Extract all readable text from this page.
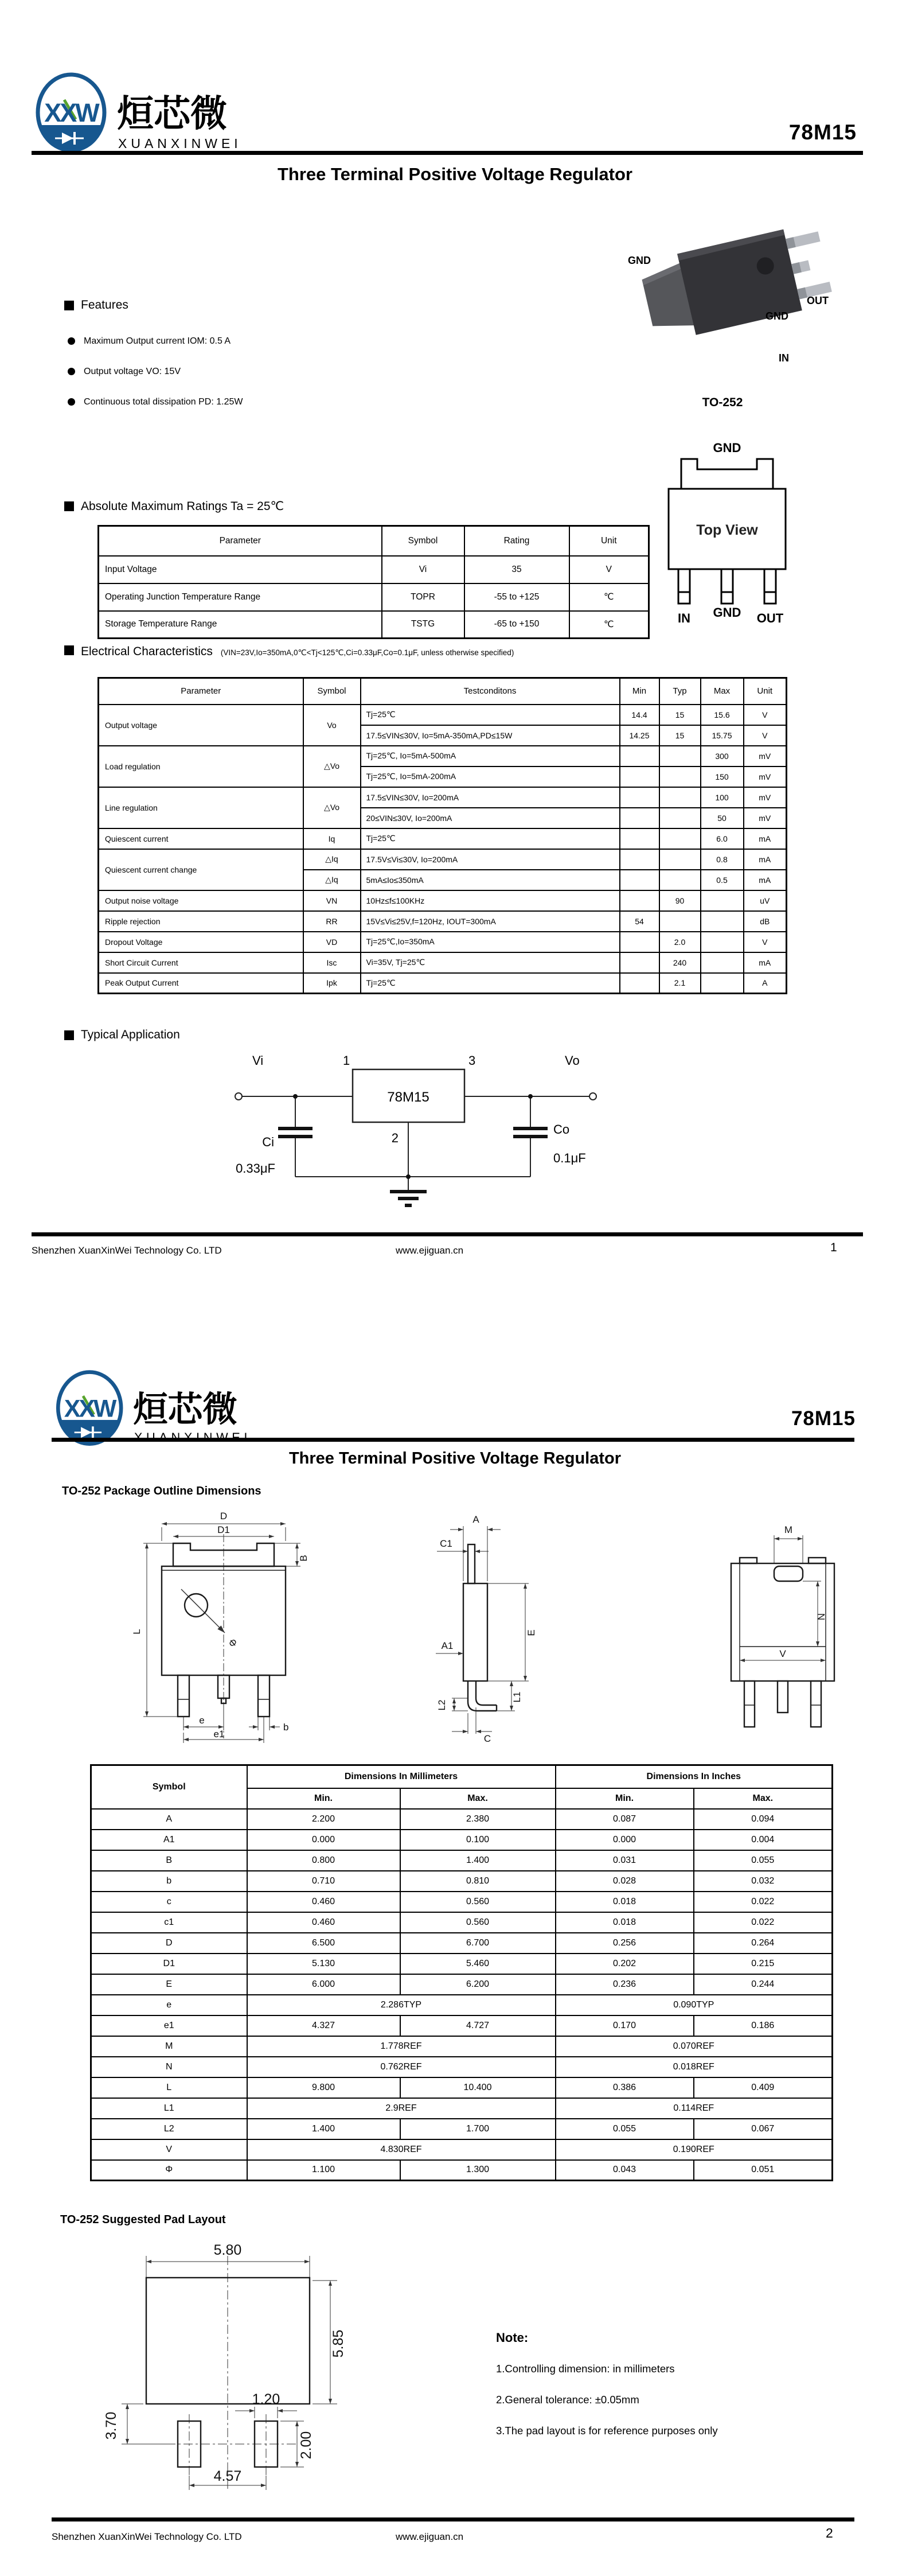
XXW 烜芯微
XUANXINWEI	78M15
Three Terminal Positive Voltage Regulator
Features
Maximum Output current IOM: 0.5 A
Output voltage VO: 15V
Continuous total dissipation PD: 1.25W
GND
OUT
GND
IN
TO-252
GND
Top View
IN GND OUT
Absolute Maximum Ratings Ta = 25℃
Parameter	Symbol	Rating	Unit
Input Voltage	Vi	35	V
Operating Junction Temperature Range	TOPR	-55 to +125	℃
Storage Temperature Range	TSTG	-65 to +150	℃
Electrical Characteristics (VIN=23V,Io=350mA,0℃<Tj<125℃,Ci=0.33μF,Co=0.1μF, unless otherwise specified)
Parameter	Symbol	Testconditons	Min	Typ	Max	Unit
Output voltage	Vo	Tj=25℃	14.4	15	15.6	V
		17.5≤VIN≤30V, Io=5mA-350mA,PD≤15W	14.25	15	15.75	V
Load regulation	△Vo	Tj=25℃, Io=5mA-500mA			300	mV
		Tj=25℃, Io=5mA-200mA			150	mV
Line regulation	△Vo	17.5≤VIN≤30V, Io=200mA			100	mV
		20≤VIN≤30V, Io=200mA			50	mV
Quiescent current	Iq	Tj=25℃			6.0	mA
Quiescent current change	△Iq	17.5V≤Vi≤30V, Io=200mA			0.8	mA
	△Iq	5mA≤Io≤350mA			0.5	mA
Output noise voltage	VN	10Hz≤f≤100KHz		90		uV
Ripple rejection	RR	15V≤Vi≤25V,f=120Hz, IOUT=300mA	54			dB
Dropout Voltage	VD	Tj=25℃,Io=350mA		2.0		V
Short Circuit Current	Isc	Vi=35V, Tj=25℃		240		mA
Peak Output Current	Ipk	Tj=25℃		2.1		A
Typical Application
Vi	1	3	Vo
78M15
2
Ci
0.33μF
Co
0.1μF
Shenzhen XuanXinWei Technology Co. LTD	www.ejiguan.cn	1
XXW 烜芯微	78M15
Three Terminal Positive Voltage Regulator
TO-252 Package Outline Dimensions
D
D1
B
L
Φ
e
b
e1
A
C1
A1
E
L1
L2
C
M
N
V
Symbol	Dimensions In Millimeters		Dimensions In Inches	
	Min.	Max.	Min.	Max.
A	2.200	2.380	0.087	0.094
A1	0.000	0.100	0.000	0.004
B	0.800	1.400	0.031	0.055
b	0.710	0.810	0.028	0.032
c	0.460	0.560	0.018	0.022
c1	0.460	0.560	0.018	0.022
D	6.500	6.700	0.256	0.264
D1	5.130	5.460	0.202	0.215
E	6.000	6.200	0.236	0.244
e	2.286TYP		0.090TYP	
e1	4.327	4.727	0.170	0.186
M	1.778REF		0.070REF	
N	0.762REF		0.018REF	
L	9.800	10.400	0.386	0.409
L1	2.9REF		0.114REF	
L2	1.400	1.700	0.055	0.067
V	4.830REF		0.190REF	
Φ	1.100	1.300	0.043	0.051
TO-252 Suggested Pad Layout
5.80
5.85
3.70
1.20
2.00
4.57
Note:
1.Controlling dimension: in millimeters
2.General tolerance: ±0.05mm
3.The pad layout is for reference purposes only
Shenzhen XuanXinWei Technology Co. LTD	www.ejiguan.cn	2
